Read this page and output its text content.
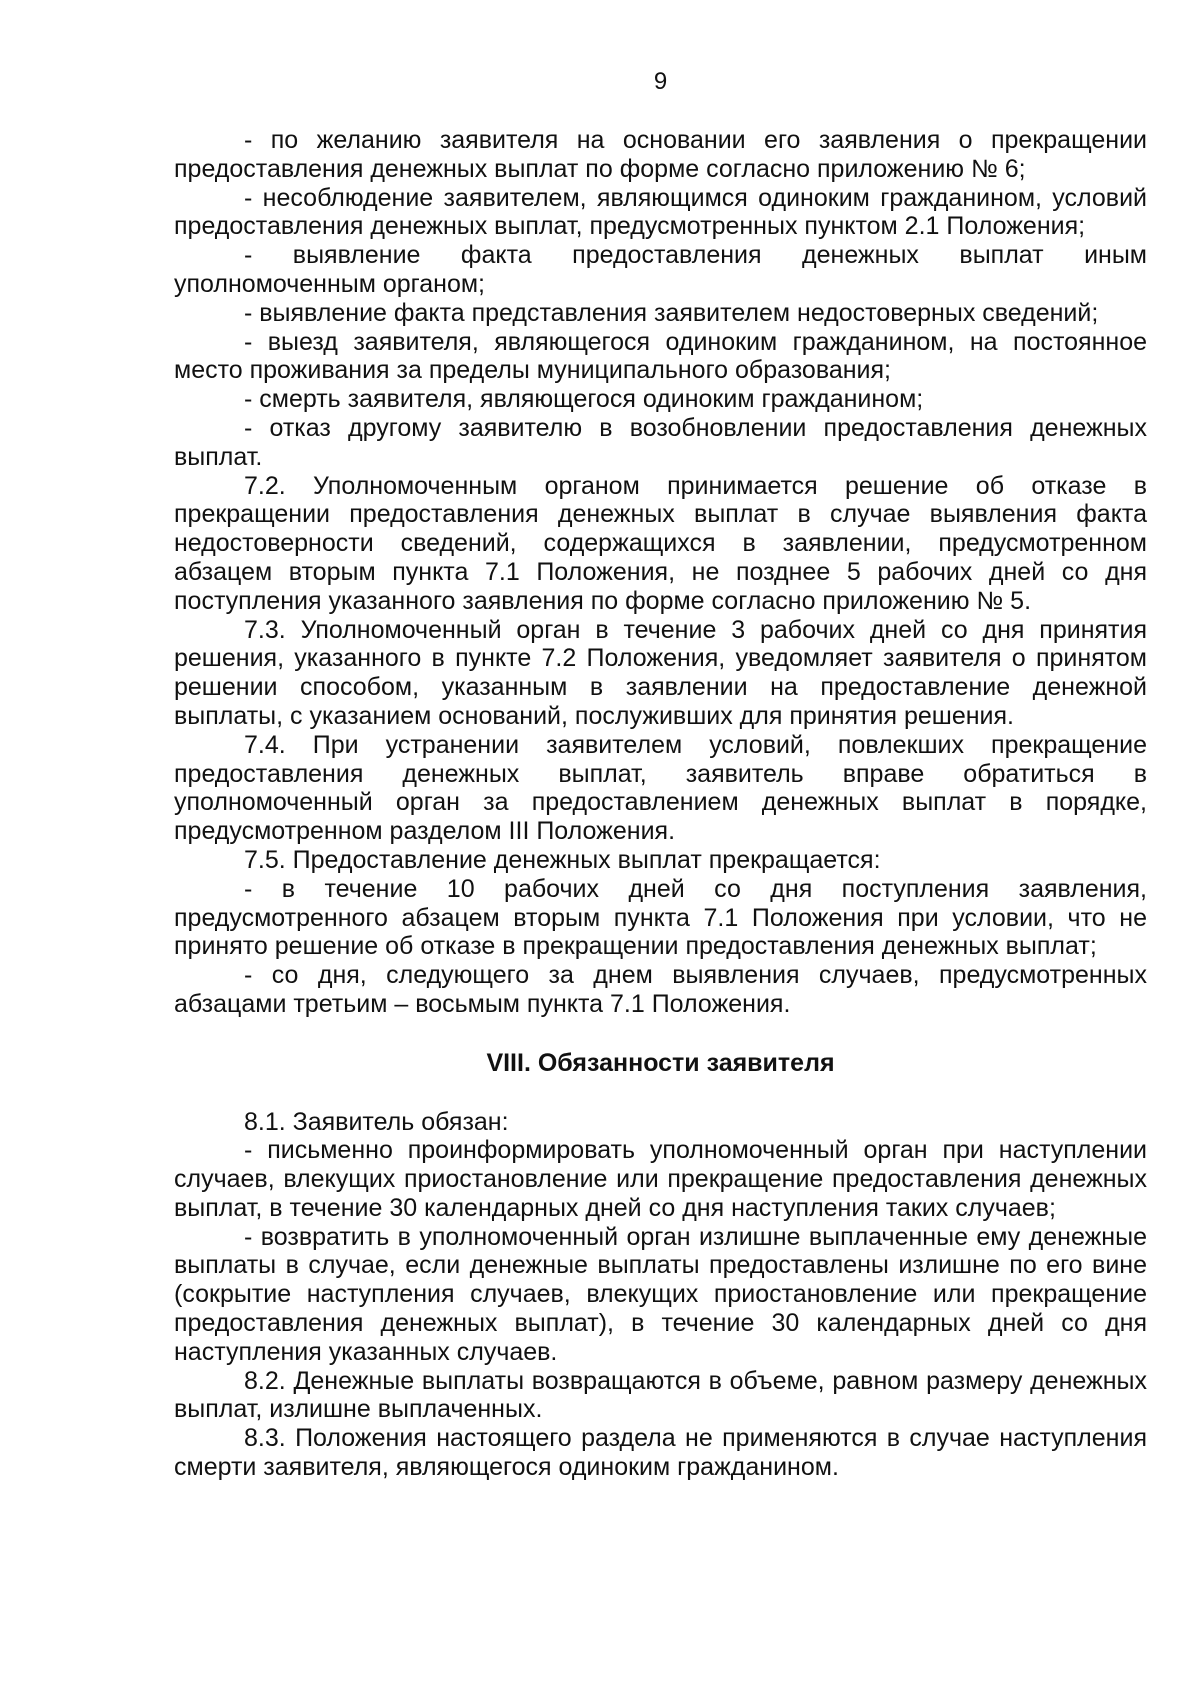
9

- по желанию заявителя на основании его заявления о прекращении предоставления денежных выплат по форме согласно приложению № 6;

- несоблюдение заявителем, являющимся одиноким гражданином, условий предоставления денежных выплат, предусмотренных пунктом 2.1 Положения;

- выявление факта предоставления денежных выплат иным уполномоченным органом;

- выявление факта представления заявителем недостоверных сведений;

- выезд заявителя, являющегося одиноким гражданином, на постоянное место проживания за пределы муниципального образования;

- смерть заявителя, являющегося одиноким гражданином;

- отказ другому заявителю в возобновлении предоставления денежных выплат.

7.2. Уполномоченным органом принимается решение об отказе в прекращении предоставления денежных выплат в случае выявления факта недостоверности сведений, содержащихся в заявлении, предусмотренном абзацем вторым пункта 7.1 Положения, не позднее 5 рабочих дней со дня поступления указанного заявления по форме согласно приложению № 5.

7.3. Уполномоченный орган в течение 3 рабочих дней со дня принятия решения, указанного в пункте 7.2 Положения, уведомляет заявителя о принятом решении способом, указанным в заявлении на предоставление денежной выплаты, с указанием оснований, послуживших для принятия решения.

7.4. При устранении заявителем условий, повлекших прекращение предоставления денежных выплат, заявитель вправе обратиться в уполномоченный орган за предоставлением денежных выплат в порядке, предусмотренном разделом III Положения.

7.5. Предоставление денежных выплат прекращается:

- в течение 10 рабочих дней со дня поступления заявления, предусмотренного абзацем вторым пункта 7.1 Положения при условии, что не принято решение об отказе в прекращении предоставления денежных выплат;

- со дня, следующего за днем выявления случаев, предусмотренных абзацами третьим – восьмым пункта 7.1 Положения.

VIII. Обязанности заявителя

8.1. Заявитель обязан:

- письменно проинформировать уполномоченный орган при наступлении случаев, влекущих приостановление или прекращение предоставления денежных выплат, в течение 30 календарных дней со дня наступления таких случаев;

- возвратить в уполномоченный орган излишне выплаченные ему денежные выплаты в случае, если денежные выплаты предоставлены излишне по его вине (сокрытие наступления случаев, влекущих приостановление или прекращение предоставления денежных выплат), в течение 30 календарных дней со дня наступления указанных случаев.

8.2. Денежные выплаты возвращаются в объеме, равном размеру денежных выплат, излишне выплаченных.

8.3. Положения настоящего раздела не применяются в случае наступления смерти заявителя, являющегося одиноким гражданином.
